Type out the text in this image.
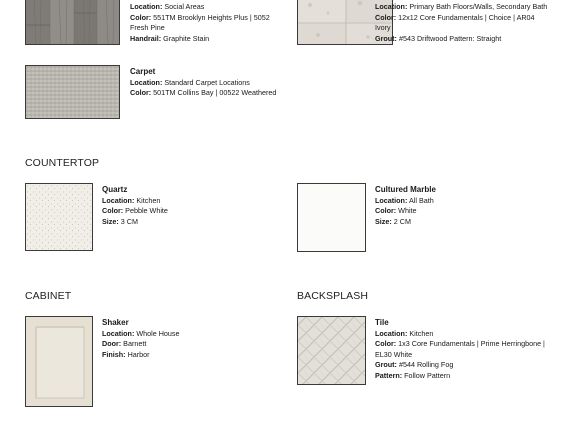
Location: Social Areas
Color: 551TM Brooklyn Heights Plus | 5052 Fresh Pine
Handrail: Graphite Stain
Location: Primary Bath Floors/Walls, Secondary Bath
Color: 12x12 Core Fundamentals | Choice | AR04 Ivory
Grout: #543 Driftwood Pattern: Straight
Carpet
Location: Standard Carpet Locations
Color: 501TM Collins Bay | 00522 Weathered
COUNTERTOP
Quartz
Location: Kitchen
Color: Pebble White
Size: 3 CM
Cultured Marble
Location: All Bath
Color: White
Size: 2 CM
CABINET	BACKSPLASH
Shaker
Location: Whole House
Door: Barnett
Finish: Harbor
Tile
Location: Kitchen
Color: 1x3 Core Fundamentals | Prime Herringbone | EL30 White
Grout: #544 Rolling Fog
Pattern: Follow Pattern
